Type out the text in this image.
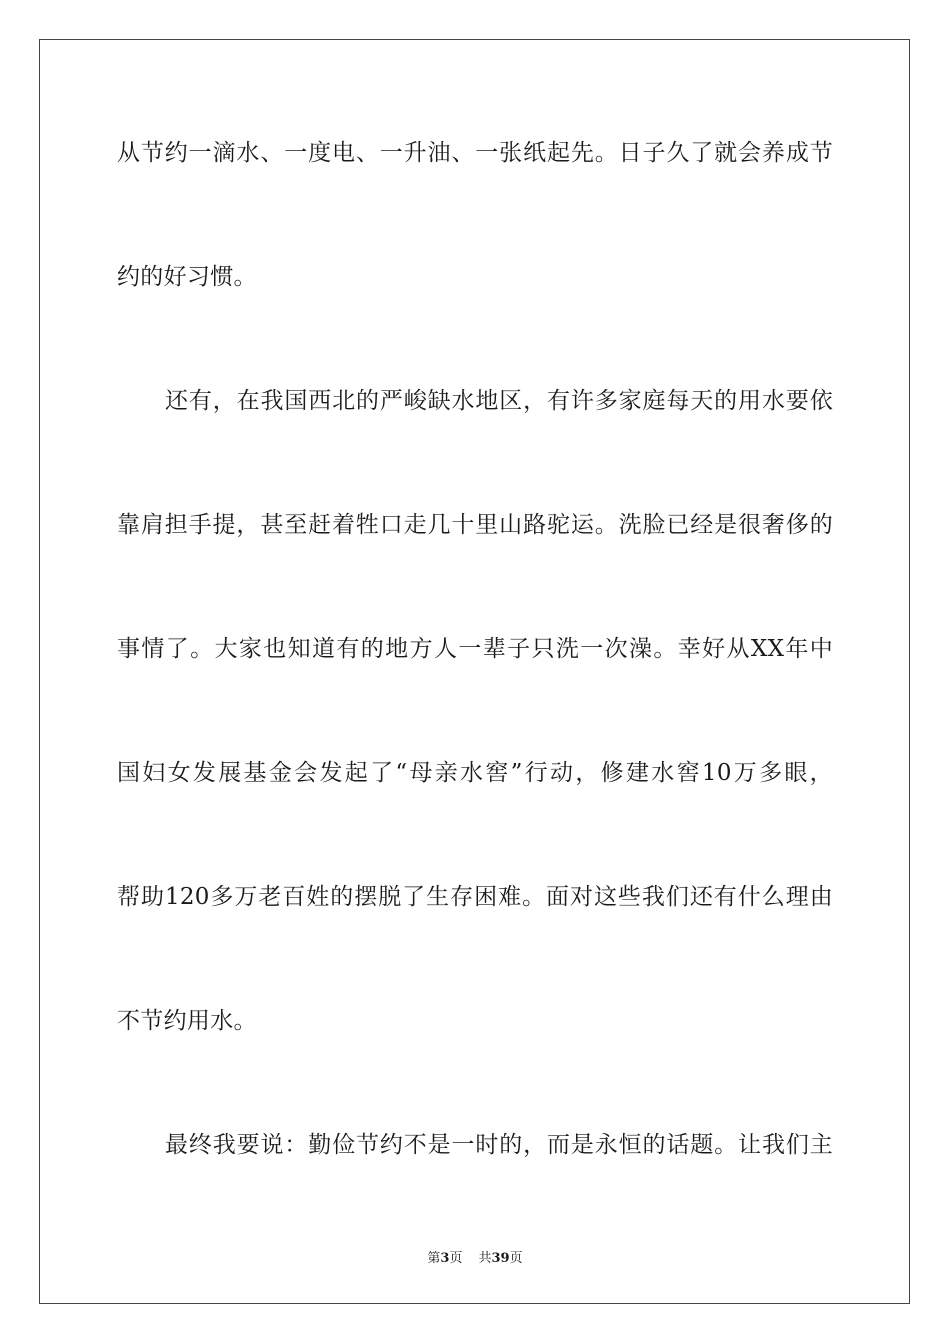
从节约一滴水、一度电、一升油、一张纸起先。日子久了就会养成节
约的好习惯。
还有，在我国西北的严峻缺水地区，有许多家庭每天的用水要依
靠肩担手提，甚至赶着牲口走几十里山路驼运。洗脸已经是很奢侈的
事情了。大家也知道有的地方人一辈子只洗一次澡。幸好从XX年中
国妇女发展基金会发起了“母亲水窖”行动，修建水窖10万多眼，
帮助120多万老百姓的摆脱了生存困难。面对这些我们还有什么理由
不节约用水。
最终我要说：勤俭节约不是一时的，而是永恒的话题。让我们主
第3页 共39页
